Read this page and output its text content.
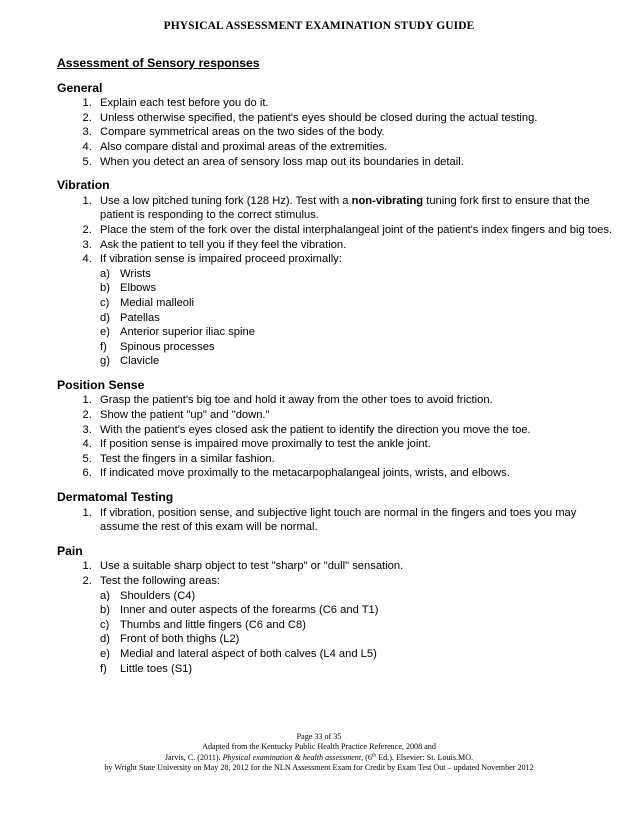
PHYSICAL ASSESSMENT EXAMINATION STUDY GUIDE
Assessment of Sensory responses
General
1. Explain each test before you do it.
2. Unless otherwise specified, the patient's eyes should be closed during the actual testing.
3. Compare symmetrical areas on the two sides of the body.
4. Also compare distal and proximal areas of the extremities.
5. When you detect an area of sensory loss map out its boundaries in detail.
Vibration
1. Use a low pitched tuning fork (128 Hz). Test with a non-vibrating tuning fork first to ensure that the patient is responding to the correct stimulus.
2. Place the stem of the fork over the distal interphalangeal joint of the patient's index fingers and big toes.
3. Ask the patient to tell you if they feel the vibration.
4. If vibration sense is impaired proceed proximally:
a) Wrists
b) Elbows
c) Medial malleoli
d) Patellas
e) Anterior superior iliac spine
f)	Spinous processes
g) Clavicle
Position Sense
1. Grasp the patient's big toe and hold it away from the other toes to avoid friction.
2. Show the patient "up" and "down."
3. With the patient's eyes closed ask the patient to identify the direction you move the toe.
4. If position sense is impaired move proximally to test the ankle joint.
5. Test the fingers in a similar fashion.
6. If indicated move proximally to the metacarpophalangeal joints, wrists, and elbows.
Dermatomal Testing
1. If vibration, position sense, and subjective light touch are normal in the fingers and toes you may assume the rest of this exam will be normal.
Pain
1. Use a suitable sharp object to test "sharp" or "dull" sensation.
2. Test the following areas:
a) Shoulders (C4)
b) Inner and outer aspects of the forearms (C6 and T1)
c) Thumbs and little fingers (C6 and C8)
d) Front of both thighs (L2)
e) Medial and lateral aspect of both calves (L4 and L5)
f)	Little toes (S1)
Page 33 of 35
Adapted from the Kentucky Public Health Practice Reference, 2008 and
Jarvis, C. (2011). Physical examination & health assessment, (6th Ed.). Elsevier: St. Louis.MO.
by Wright State University on May 28, 2012 for the NLN Assessment Exam for Credit by Exam Test Out – updated November 2012
